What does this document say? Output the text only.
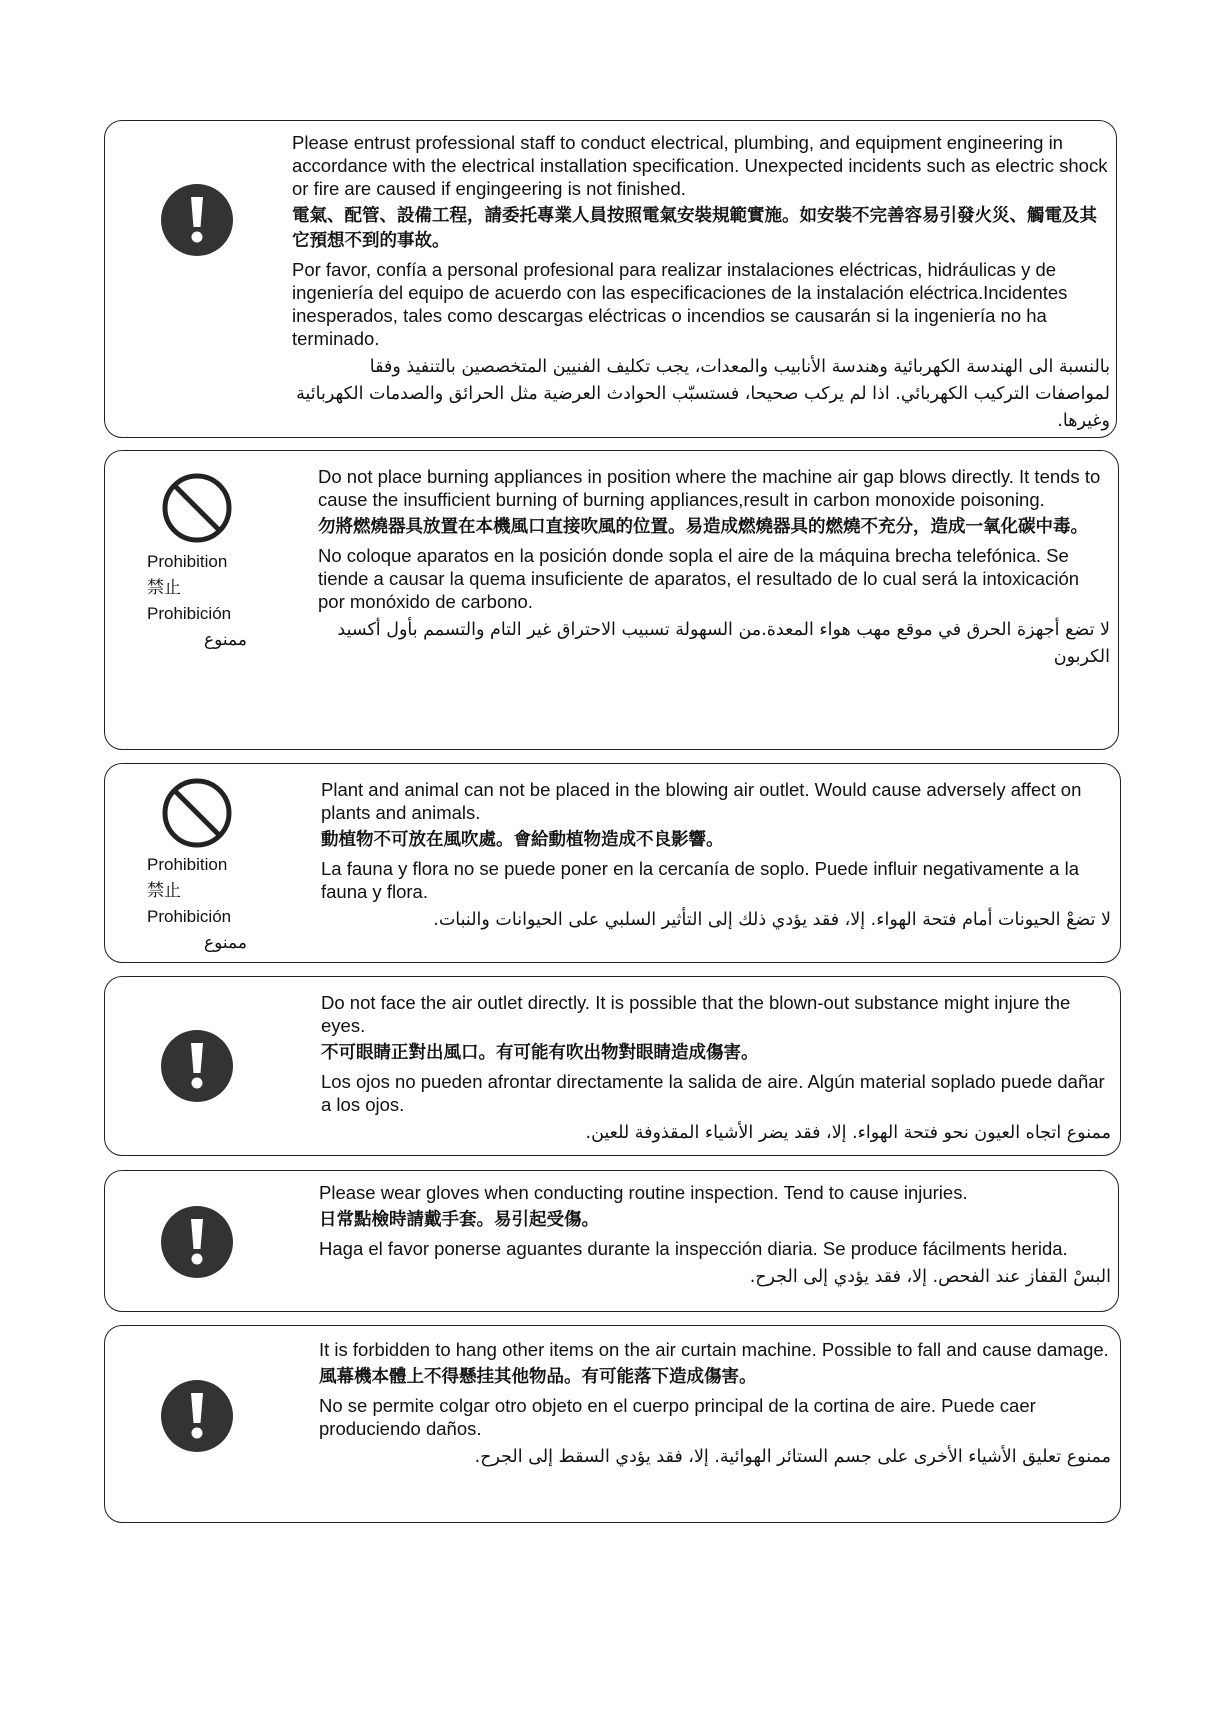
Please entrust professional staff to conduct electrical, plumbing, and equipment engineering in accordance with the electrical installation specification. Unexpected incidents such as electric shock or fire are caused if engingeering is not finished.

電氣、配管、設備工程，請委托專業人員按照電氣安裝規範實施。如安裝不完善容易引發火災、觸電及其它預想不到的事故。

Por favor, confía a personal profesional para realizar instalaciones eléctricas, hidráulicas y de ingeniería del equipo de acuerdo con las especificaciones de la instalación eléctrica.Incidentes inesperados, tales como descargas eléctricas o incendios se causarán si la ingeniería no ha terminado.

بالنسبة الى الهندسة الكهربائية وهندسة الأنابيب والمعدات، يجب تكليف الفنيين المتخصصين بالتنفيذ وفقا لمواصفات التركيب الكهربائي. اذا لم يركب صحيحا، فستسبّب الحوادث العرضية مثل الحرائق والصدمات الكهربائية وغيرها.

Prohibition
禁止
Prohibición
ممنوع

Do not place burning appliances in position where the machine air gap blows directly. It tends to cause the insufficient burning of burning appliances,result in carbon monoxide poisoning.

勿將燃燒器具放置在本機風口直接吹風的位置。易造成燃燒器具的燃燒不充分，造成一氧化碳中毒。

No coloque aparatos en la posición donde sopla el aire de la máquina brecha telefónica. Se tiende a causar la quema insuficiente de aparatos, el resultado de lo cual será la intoxicación por monóxido de carbono.

لا تضع أجهزة الحرق في موقع مهب هواء المعدة.من السهولة تسبيب الاحتراق غير التام والتسمم بأول أكسيد الكربون

Prohibition
禁止
Prohibición
ممنوع

Plant and animal can not be placed in the blowing air outlet. Would cause adversely affect on plants and animals.

動植物不可放在風吹處。會給動植物造成不良影響。

La fauna y flora no se puede poner en la cercanía de soplo. Puede influir negativamente a la fauna y flora.

لا تضعْ الحيونات أمام فتحة الهواء. إلا، فقد يؤدي ذلك إلى التأثير السلبي على الحيوانات والنبات.

Do not face the air outlet directly. It is possible that the blown-out substance might injure the eyes.

不可眼睛正對出風口。有可能有吹出物對眼睛造成傷害。

Los ojos no pueden afrontar directamente la salida de aire. Algún material soplado puede dañar a los ojos.

ممنوع اتجاه العيون نحو فتحة الهواء. إلا، فقد يضر الأشياء المقذوفة للعين.

Please wear gloves when conducting routine inspection. Tend to cause injuries.

日常點檢時請戴手套。易引起受傷。

Haga el favor ponerse aguantes durante la inspección diaria. Se produce fácilments herida.

البسْ القفاز عند الفحص. إلا، فقد يؤدي إلى الجرح.

It is forbidden to hang other items on the air curtain machine. Possible to fall and cause damage.

風幕機本體上不得懸挂其他物品。有可能落下造成傷害。

No se permite colgar otro objeto en el cuerpo principal de la cortina de aire. Puede caer produciendo daños.

ممنوع تعليق الأشياء الأخرى على جسم الستائر الهوائية. إلا، فقد يؤدي السقط إلى الجرح.
